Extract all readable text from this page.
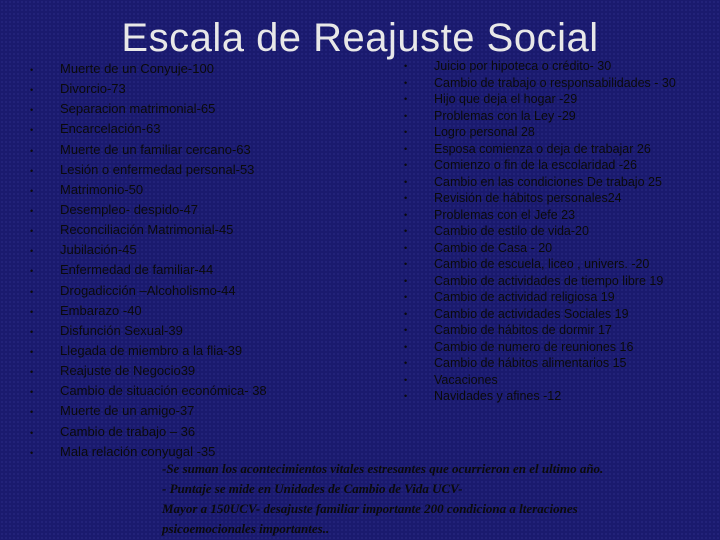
Escala de Reajuste Social
• Muerte de un Conyuje-100
• Divorcio-73
• Separacion matrimonial-65
• Encarcelación-63
• Muerte de un familiar cercano-63
• Lesión o enfermedad personal-53
• Matrimonio-50
• Desempleo- despido-47
• Reconciliación Matrimonial-45
• Jubilación-45
• Enfermedad de familiar-44
• Drogadicción –Alcoholismo-44
• Embarazo -40
• Disfunción Sexual-39
• Llegada de miembro a la flia-39
• Reajuste de Negocio39
• Cambio de situación económica- 38
• Muerte de un amigo-37
• Cambio de trabajo – 36
• Mala relación conyugal -35
• Juicio por hipoteca o crédito- 30
• Cambio de trabajo o responsabilidades - 30
• Hijo que deja el hogar -29
• Problemas con la Ley -29
• Logro personal 28
• Esposa comienza o deja de trabajar 26
• Comienzo o fin de la escolaridad -26
• Cambio en las condiciones De trabajo 25
• Revisión de hábitos personales24
• Problemas con el Jefe 23
• Cambio de estilo de vida-20
• Cambio de Casa - 20
• Cambio de escuela, liceo , univers. -20
• Cambio de actividades de tiempo libre 19
• Cambio de actividad religiosa 19
• Cambio de actividades Sociales 19
• Cambio de hábitos de dormir 17
• Cambio de numero de reuniones 16
• Cambio de hábitos alimentarios 15
• Vacaciones
• Navidades y afines -12
-Se suman los acontecimientos vitales estresantes que ocurrieron en el ultimo año.
- Puntaje se mide en Unidades de Cambio de Vida UCV-
Mayor a 150UCV- desajuste familiar importante 200 condiciona a lteraciones
psicoemocionales importantes..
